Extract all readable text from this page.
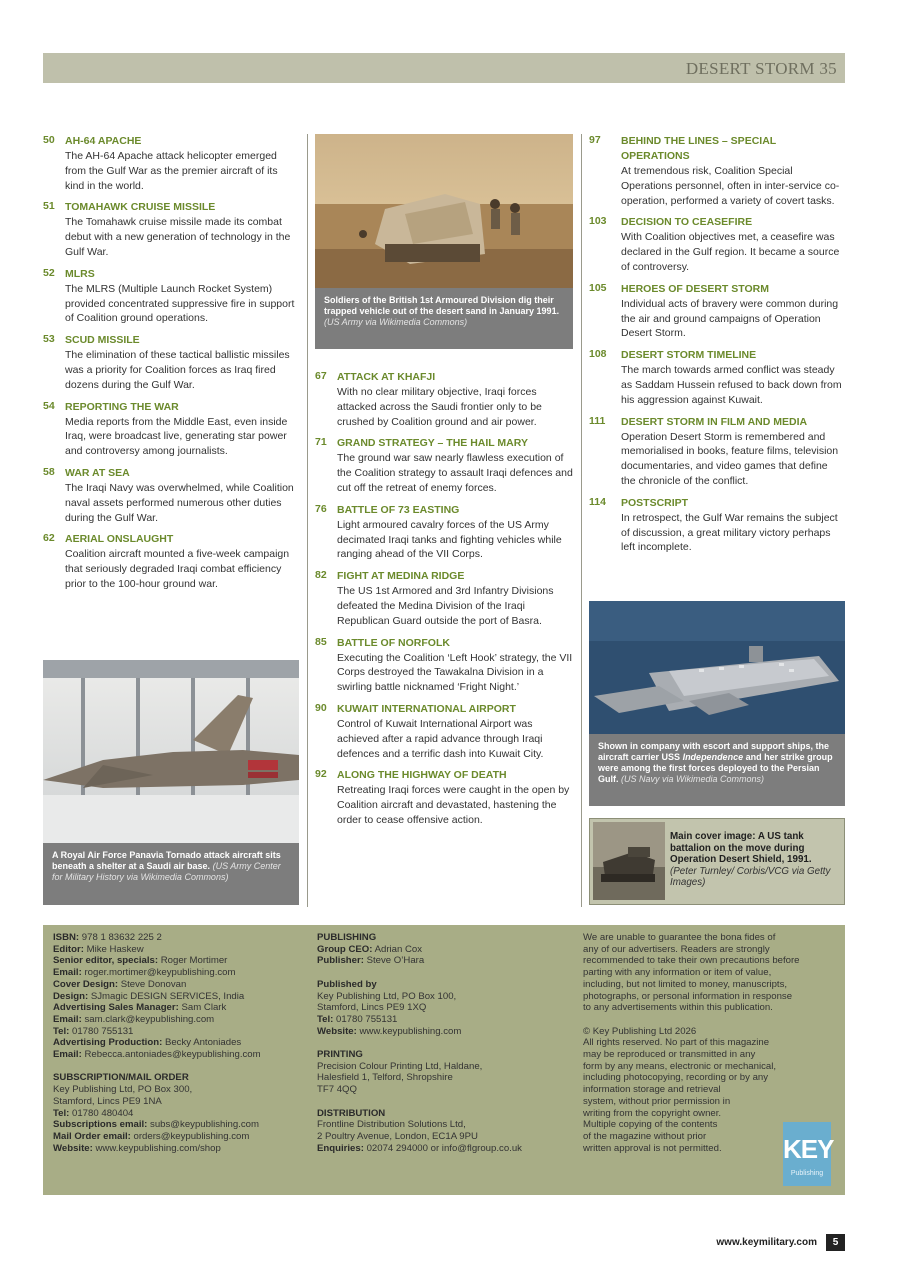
DESERT STORM 35
50 AH-64 APACHE
The AH-64 Apache attack helicopter emerged from the Gulf War as the premier aircraft of its kind in the world.
51 TOMAHAWK CRUISE MISSILE
The Tomahawk cruise missile made its combat debut with a new generation of technology in the Gulf War.
52 MLRS
The MLRS (Multiple Launch Rocket System) provided concentrated suppressive fire in support of Coalition ground operations.
53 SCUD MISSILE
The elimination of these tactical ballistic missiles was a priority for Coalition forces as Iraq fired dozens during the Gulf War.
54 REPORTING THE WAR
Media reports from the Middle East, even inside Iraq, were broadcast live, generating star power and controversy among journalists.
58 WAR AT SEA
The Iraqi Navy was overwhelmed, while Coalition naval assets performed numerous other duties during the Gulf War.
62 AERIAL ONSLAUGHT
Coalition aircraft mounted a five-week campaign that seriously degraded Iraqi combat efficiency prior to the 100-hour ground war.
A Royal Air Force Panavia Tornado attack aircraft sits beneath a shelter at a Saudi air base. (US Army Center for Military History via Wikimedia Commons)
Soldiers of the British 1st Armoured Division dig their trapped vehicle out of the desert sand in January 1991. (US Army via Wikimedia Commons)
67 ATTACK AT KHAFJI
With no clear military objective, Iraqi forces attacked across the Saudi frontier only to be crushed by Coalition ground and air power.
71 GRAND STRATEGY – THE HAIL MARY
The ground war saw nearly flawless execution of the Coalition strategy to assault Iraqi defences and cut off the retreat of enemy forces.
76 BATTLE OF 73 EASTING
Light armoured cavalry forces of the US Army decimated Iraqi tanks and fighting vehicles while ranging ahead of the VII Corps.
82 FIGHT AT MEDINA RIDGE
The US 1st Armored and 3rd Infantry Divisions defeated the Medina Division of the Iraqi Republican Guard outside the port of Basra.
85 BATTLE OF NORFOLK
Executing the Coalition ‘Left Hook’ strategy, the VII Corps destroyed the Tawakalna Division in a swirling battle nicknamed ‘Fright Night.’
90 KUWAIT INTERNATIONAL AIRPORT
Control of Kuwait International Airport was achieved after a rapid advance through Iraqi defences and a terrific dash into Kuwait City.
92 ALONG THE HIGHWAY OF DEATH
Retreating Iraqi forces were caught in the open by Coalition aircraft and devastated, hastening the order to cease offensive action.
97 BEHIND THE LINES – SPECIAL OPERATIONS
At tremendous risk, Coalition Special Operations personnel, often in inter-service co-operation, performed a variety of covert tasks.
103 DECISION TO CEASEFIRE
With Coalition objectives met, a ceasefire was declared in the Gulf region. It became a source of controversy.
105 HEROES OF DESERT STORM
Individual acts of bravery were common during the air and ground campaigns of Operation Desert Storm.
108 DESERT STORM TIMELINE
The march towards armed conflict was steady as Saddam Hussein refused to back down from his aggression against Kuwait.
111 DESERT STORM IN FILM AND MEDIA
Operation Desert Storm is remembered and memorialised in books, feature films, television documentaries, and video games that define the chronicle of the conflict.
114 POSTSCRIPT
In retrospect, the Gulf War remains the subject of discussion, a great military victory perhaps left incomplete.
Shown in company with escort and support ships, the aircraft carrier USS Independence and her strike group were among the first forces deployed to the Persian Gulf. (US Navy via Wikimedia Commons)
Main cover image: A US tank battalion on the move during Operation Desert Shield, 1991. (Peter Turnley/ Corbis/VCG via Getty Images)
ISBN: 978 1 83632 225 2
Editor: Mike Haskew
Senior editor, specials: Roger Mortimer
Email: roger.mortimer@keypublishing.com
Cover Design: Steve Donovan
Design: SJmagic DESIGN SERVICES, India
Advertising Sales Manager: Sam Clark
Email: sam.clark@keypublishing.com
Tel: 01780 755131
Advertising Production: Becky Antoniades
Email: Rebecca.antoniades@keypublishing.com
SUBSCRIPTION/MAIL ORDER
Key Publishing Ltd, PO Box 300,
Stamford, Lincs PE9 1NA
Tel: 01780 480404
Subscriptions email: subs@keypublishing.com
Mail Order email: orders@keypublishing.com
Website: www.keypublishing.com/shop
PUBLISHING
Group CEO: Adrian Cox
Publisher: Steve O’Hara
Published by
Key Publishing Ltd, PO Box 100,
Stamford, Lincs PE9 1XQ
Tel: 01780 755131
Website: www.keypublishing.com
PRINTING
Precision Colour Printing Ltd, Haldane,
Halesfield 1, Telford, Shropshire
TF7 4QQ
DISTRIBUTION
Frontline Distribution Solutions Ltd,
2 Poultry Avenue, London, EC1A 9PU
Enquiries: 02074 294000 or info@flgroup.co.uk
We are unable to guarantee the bona fides of
any of our advertisers. Readers are strongly
recommended to take their own precautions before
parting with any information or item of value,
including, but not limited to money, manuscripts,
photographs, or personal information in response
to any advertisements within this publication.
© Key Publishing Ltd 2026
All rights reserved. No part of this magazine
may be reproduced or transmitted in any
form by any means, electronic or mechanical,
including photocopying, recording or by any
information storage and retrieval
system, without prior permission in
writing from the copyright owner.
Multiple copying of the contents
of the magazine without prior
written approval is not permitted.	KEY
Publishing
www.keymilitary.com	5
